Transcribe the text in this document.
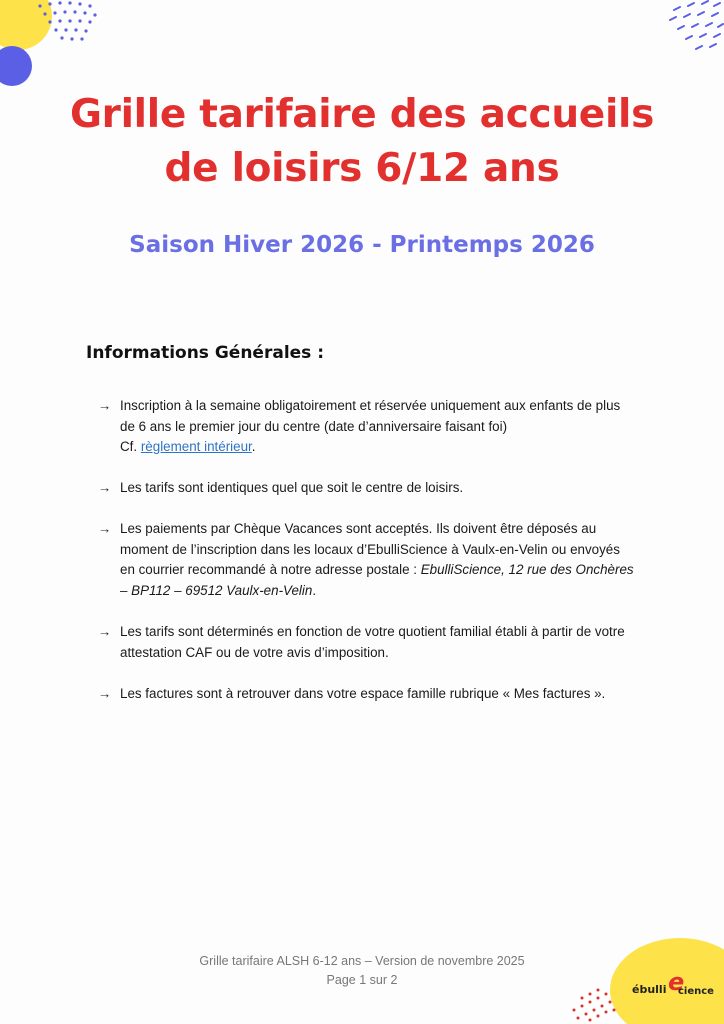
Grille tarifaire des accueils
de loisirs 6/12 ans
Saison Hiver 2026 - Printemps 2026
Informations Générales :
→ Inscription à la semaine obligatoirement et réservée uniquement aux enfants de plus de 6 ans le premier jour du centre (date d’anniversaire faisant foi)
Cf. règlement intérieur.
→ Les tarifs sont identiques quel que soit le centre de loisirs.
→ Les paiements par Chèque Vacances sont acceptés. Ils doivent être déposés au moment de l’inscription dans les locaux d’EbulliScience à Vaulx-en-Velin ou envoyés en courrier recommandé à notre adresse postale : EbulliScience, 12 rue des Onchères – BP112 – 69512 Vaulx-en-Velin.
→ Les tarifs sont déterminés en fonction de votre quotient familial établi à partir de votre attestation CAF ou de votre avis d’imposition.
→ Les factures sont à retrouver dans votre espace famille rubrique « Mes factures ».
Grille tarifaire ALSH 6-12 ans – Version de novembre 2025
Page 1 sur 2
ébulli e
cience
